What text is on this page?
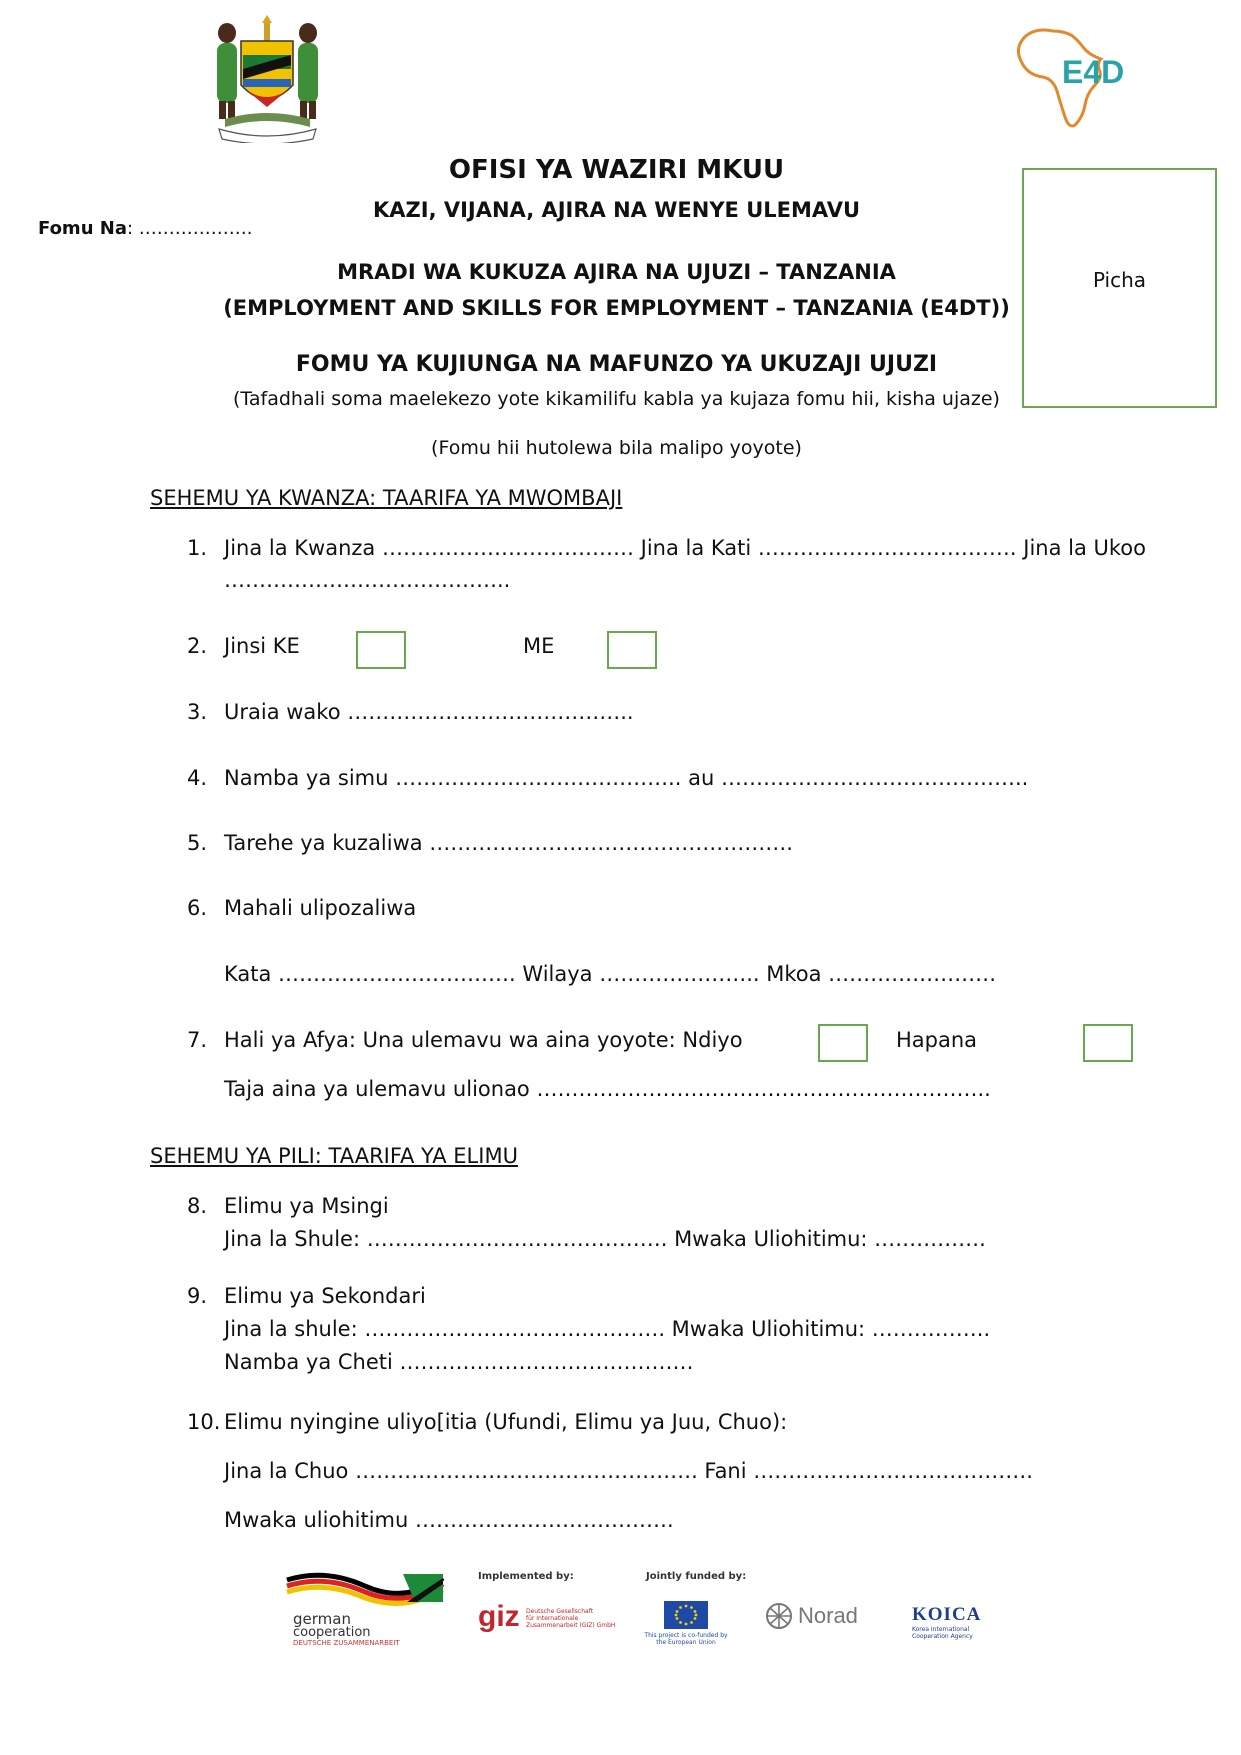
E4D
Picha
Fomu Na: ……………….
OFISI YA WAZIRI MKUU
KAZI, VIJANA, AJIRA NA WENYE ULEMAVU
MRADI WA KUKUZA AJIRA NA UJUZI – TANZANIA
(EMPLOYMENT AND SKILLS FOR EMPLOYMENT – TANZANIA (E4DT))
FOMU YA KUJIUNGA NA MAFUNZO YA UKUZAJI UJUZI
(Tafadhali soma maelekezo yote kikamilifu kabla ya kujaza fomu hii, kisha ujaze)
(Fomu hii hutolewa bila malipo yoyote)
SEHEMU YA KWANZA: TAARIFA YA MWOMBAJI
1. Jina la Kwanza ……………………………… Jina la Kati ………………………………. Jina la Ukoo
…………………………………..
2. Jinsi KE	ME
3. Uraia wako …………………………………..
4. Namba ya simu ………………………………….. au ……………………………………..
5. Tarehe ya kuzaliwa …………………………………………….
6. Mahali ulipozaliwa
Kata ……………………………. Wilaya ………………….. Mkoa ……………………
7. Hali ya Afya: Una ulemavu wa aina yoyote: Ndiyo	Hapana
Taja aina ya ulemavu ulionao ………………………………………………………..
SEHEMU YA PILI: TAARIFA YA ELIMU
8. Elimu ya Msingi
Jina la Shule: ……………………………………. Mwaka Uliohitimu: …………….
9. Elimu ya Sekondari
Jina la shule: ……………………………………. Mwaka Uliohitimu: ……………..
Namba ya Cheti ……………………………………
10. Elimu nyingine uliyo[itia (Ufundi, Elimu ya Juu, Chuo):
Jina la Chuo …………………………………………. Fani ………………………………….
Mwaka uliohitimu ……………………………….
german
cooperation
DEUTSCHE ZUSAMMENARBEIT
Implemented by:
giz Deutsche Gesellschaft
für Internationale
Zusammenarbeit (GIZ) GmbH
Jointly funded by:
This project is co-funded by
the European Union
Norad	KOICA
Korea International
Cooperation Agency
